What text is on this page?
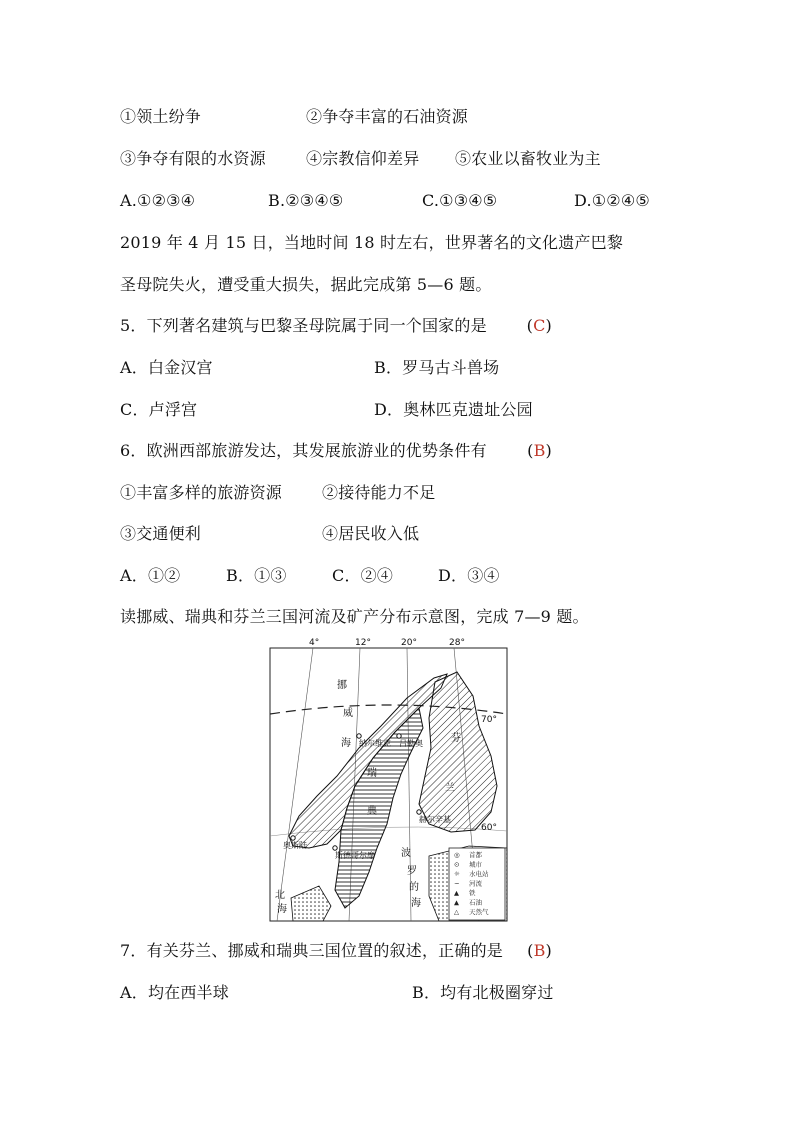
①领土纷争	②争夺丰富的石油资源
③争夺有限的水资源	④宗教信仰差异 ⑤农业以畜牧业为主
A.①②③④	B.②③④⑤	C.①③④⑤	D.①②④⑤
2019 年 4 月 15 日，当地时间 18 时左右，世界著名的文化遗产巴黎
圣母院失火，遭受重大损失，据此完成第 5—6 题。
5．下列著名建筑与巴黎圣母院属于同一个国家的是 (C)
A．白金汉宫	B．罗马古斗兽场
C．卢浮宫	D．奥林匹克遗址公园
6．欧洲西部旅游发达，其发展旅游业的优势条件有	(B)
①丰富多样的旅游资源 ②接待能力不足
③交通便利	④居民收入低
A．①②	B．①③	C．②④	D．③④
读挪威、瑞典和芬兰三国河流及矿产分布示意图，完成 7—9 题。
◎ 首都
⊙ 城市
☼ 水电站
∼ 河流
▲ 铁
▲ 石油
△ 天然气
4°	12°	20°	28°
70°
60°
挪
威
海
瑞
典
芬
兰
波
罗
的
海
北
海
奥斯陆
斯德哥尔摩
赫尔辛基
吕勒奥
纳尔维克
7．有关芬兰、挪威和瑞典三国位置的叙述，正确的是 (B)
A．均在西半球	B．均有北极圈穿过
